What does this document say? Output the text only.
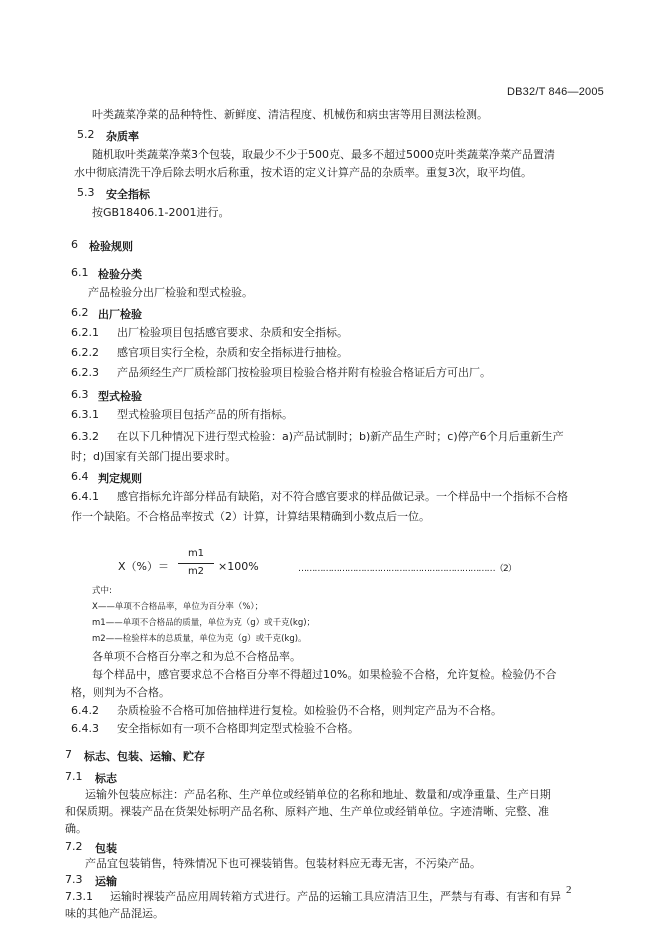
DB32/T 846—2005
叶类蔬菜净菜的品种特性、新鲜度、清洁程度、机械伤和病虫害等用目测法检测。
5.2 杂质率
随机取叶类蔬菜净菜3个包装，取最少不少于500克、最多不超过5000克叶类蔬菜净菜产品置清
水中彻底清洗干净后除去明水后称重，按术语的定义计算产品的杂质率。重复3次，取平均值。
5.3 安全指标
按GB18406.1-2001进行。
6 检验规则
6.1 检验分类
产品检验分出厂检验和型式检验。
6.2 出厂检验
6.2.1 出厂检验项目包括感官要求、杂质和安全指标。
6.2.2 感官项目实行全检，杂质和安全指标进行抽检。
6.2.3 产品须经生产厂质检部门按检验项目检验合格并附有检验合格证后方可出厂。
6.3 型式检验
6.3.1 型式检验项目包括产品的所有指标。
6.3.2 在以下几种情况下进行型式检验：a)产品试制时；b)新产品生产时；c)停产6个月后重新生产
时；d)国家有关部门提出要求时。
6.4 判定规则
6.4.1 感官指标允许部分样品有缺陷，对不符合感官要求的样品做记录。一个样品中一个指标不合格
作一个缺陷。不合格品率按式（2）计算，计算结果精确到小数点后一位。
X（%）＝
m1
m2	×100%	………………………………………………………………（2）
式中:
X——单项不合格品率，单位为百分率（%）；
m1——单项不合格品的质量，单位为克（g）或千克(kg)；
m2——检验样本的总质量，单位为克（g）或千克(kg)。
各单项不合格百分率之和为总不合格品率。
每个样品中，感官要求总不合格百分率不得超过10%。如果检验不合格，允许复检。检验仍不合
格，则判为不合格。
6.4.2 杂质检验不合格可加倍抽样进行复检。如检验仍不合格，则判定产品为不合格。
6.4.3 安全指标如有一项不合格即判定型式检验不合格。
7 标志、包装、运输、贮存
7.1 标志
运输外包装应标注：产品名称、生产单位或经销单位的名称和地址、数量和/或净重量、生产日期
和保质期。裸装产品在货架处标明产品名称、原料产地、生产单位或经销单位。字迹清晰、完整、准
确。
7.2 包装
产品宜包装销售，特殊情况下也可裸装销售。包装材料应无毒无害，不污染产品。
7.3 运输
7.3.1 运输时裸装产品应用周转箱方式进行。产品的运输工具应清洁卫生，严禁与有毒、有害和有异
味的其他产品混运。
2
